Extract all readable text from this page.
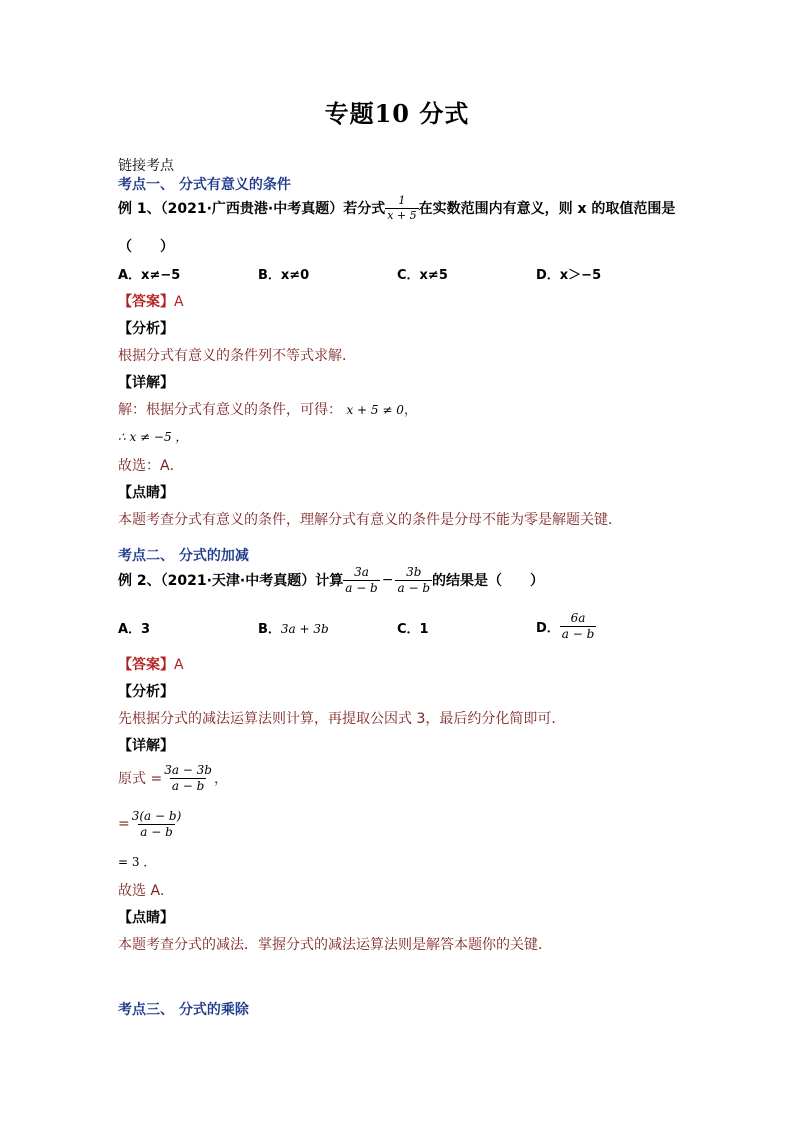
专题10 分式
链接考点
考点一、 分式有意义的条件
例 1、（2021·广西贵港·中考真题）若分式 $\frac{1}{x + 5}$ 在实数范围内有意义，则 x 的取值范围是
（　　）
A．x≠−5	B．x≠0	C．x≠5	D．x＞−5
【答案】A
【分析】
根据分式有意义的条件列不等式求解．
【详解】
解：根据分式有意义的条件，可得： x + 5 ≠ 0，
∴ x ≠ −5 ，
故选：A．
【点睛】
本题考查分式有意义的条件，理解分式有意义的条件是分母不能为零是解题关键．
考点二、 分式的加减
例 2、（2021·天津·中考真题）计算 $\frac{3a}{a - b} - \frac{3b}{a - b}$ 的结果是（　　）
A．3	B．3a + 3b	C．1	D． $\frac{6a}{a - b}$
【答案】A
【分析】
先根据分式的减法运算法则计算，再提取公因式 3，最后约分化简即可．
【详解】
原式 = $\frac{3a - 3b}{a - b}$ ，
= $\frac{3(a - b)}{a - b}$
= 3 ．
故选 A．
【点睛】
本题考查分式的减法．掌握分式的减法运算法则是解答本题你的关键．
考点三、 分式的乘除
